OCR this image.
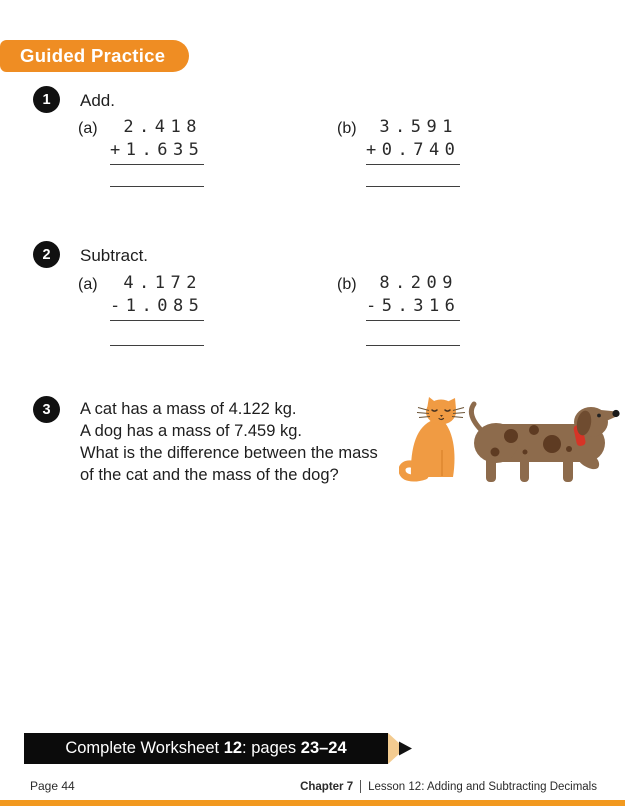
Guided Practice
1	Add.
(a)	2.418
+1.635
(b)	3.591
+0.740
2	Subtract.
(a)	4.172
-1.085
(b)	8.209
-5.316
3	A cat has a mass of 4.122 kg.
A dog has a mass of 7.459 kg.
What is the difference between the mass
of the cat and the mass of the dog?
Complete Worksheet 12 : pages 23–24
Page 44	Chapter 7 Lesson 12: Adding and Subtracting Decimals
